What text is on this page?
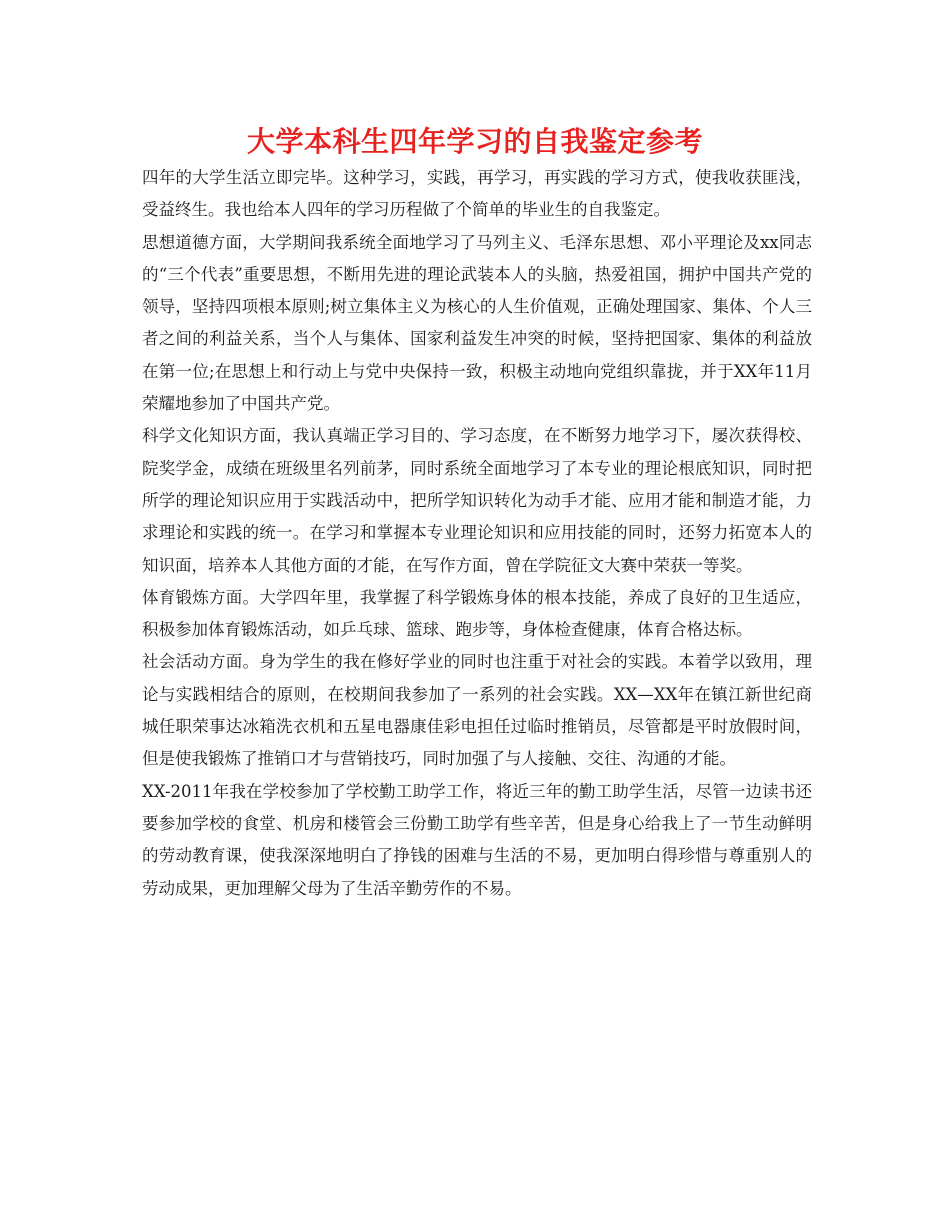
大学本科生四年学习的自我鉴定参考

四年的大学生活立即完毕。这种学习，实践，再学习，再实践的学习方式，使我收获匪浅，受益终生。我也给本人四年的学习历程做了个简单的毕业生的自我鉴定。

思想道德方面，大学期间我系统全面地学习了马列主义、毛泽东思想、邓小平理论及xx同志的“三个代表”重要思想，不断用先进的理论武装本人的头脑，热爱祖国，拥护中国共产党的领导，坚持四项根本原则;树立集体主义为核心的人生价值观，正确处理国家、集体、个人三者之间的利益关系，当个人与集体、国家利益发生冲突的时候，坚持把国家、集体的利益放在第一位;在思想上和行动上与党中央保持一致，积极主动地向党组织靠拢，并于XX年11月荣耀地参加了中国共产党。

科学文化知识方面，我认真端正学习目的、学习态度，在不断努力地学习下，屡次获得校、院奖学金，成绩在班级里名列前茅，同时系统全面地学习了本专业的理论根底知识，同时把所学的理论知识应用于实践活动中，把所学知识转化为动手才能、应用才能和制造才能，力求理论和实践的统一。在学习和掌握本专业理论知识和应用技能的同时，还努力拓宽本人的知识面，培养本人其他方面的才能，在写作方面，曾在学院征文大赛中荣获一等奖。

体育锻炼方面。大学四年里，我掌握了科学锻炼身体的根本技能，养成了良好的卫生适应，积极参加体育锻炼活动，如乒乓球、篮球、跑步等，身体检查健康，体育合格达标。

社会活动方面。身为学生的我在修好学业的同时也注重于对社会的实践。本着学以致用，理论与实践相结合的原则，在校期间我参加了一系列的社会实践。XX—XX年在镇江新世纪商城任职荣事达冰箱洗衣机和五星电器康佳彩电担任过临时推销员，尽管都是平时放假时间，但是使我锻炼了推销口才与营销技巧，同时加强了与人接触、交往、沟通的才能。

XX-2011年我在学校参加了学校勤工助学工作，将近三年的勤工助学生活，尽管一边读书还要参加学校的食堂、机房和楼管会三份勤工助学有些辛苦，但是身心给我上了一节生动鲜明的劳动教育课，使我深深地明白了挣钱的困难与生活的不易，更加明白得珍惜与尊重别人的劳动成果，更加理解父母为了生活辛勤劳作的不易。
